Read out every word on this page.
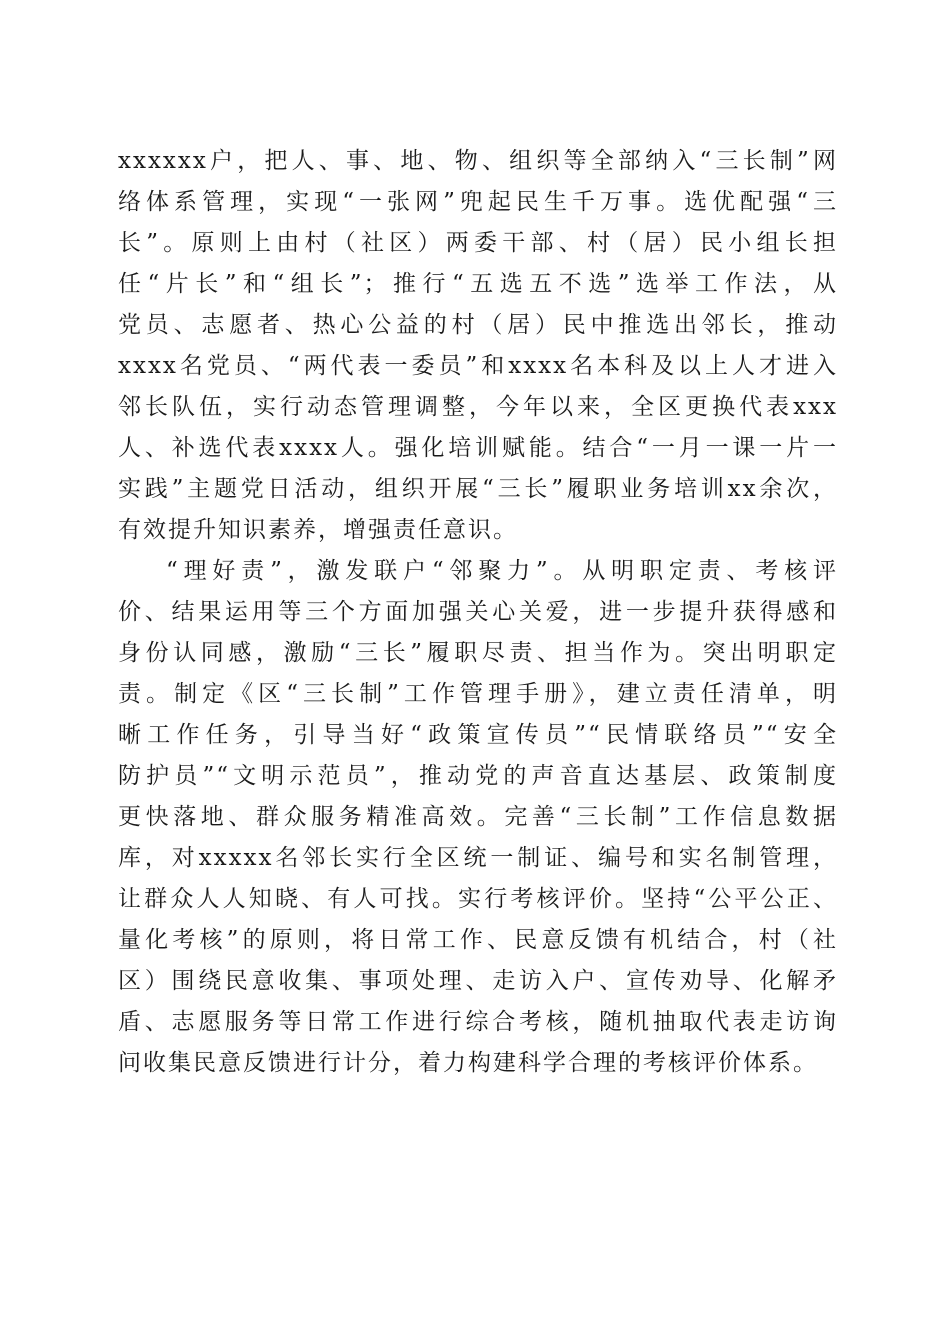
xxxxxx户，把人、事、地、物、组织等全部纳入“三长制”网
络体系管理，实现“一张网”兜起民生千万事。选优配强“三
长”。原则上由村（社区）两委干部、村（居）民小组长担
任“片长”和“组长”；推行“五选五不选”选举工作法，从
党员、志愿者、热心公益的村（居）民中推选出邻长，推动
xxxx名党员、“两代表一委员”和xxxx名本科及以上人才进入
邻长队伍，实行动态管理调整，今年以来，全区更换代表xxx
人、补选代表xxxx人。强化培训赋能。结合“一月一课一片一
实践”主题党日活动，组织开展“三长”履职业务培训xx余次，
有效提升知识素养，增强责任意识。
“理好责”，激发联户“邻聚力”。从明职定责、考核评
价、结果运用等三个方面加强关心关爱，进一步提升获得感和
身份认同感，激励“三长”履职尽责、担当作为。突出明职定
责。制定《区“三长制”工作管理手册》，建立责任清单，明
晰工作任务，引导当好“政策宣传员”“民情联络员”“安全
防护员”“文明示范员”，推动党的声音直达基层、政策制度
更快落地、群众服务精准高效。完善“三长制”工作信息数据
库，对xxxxx名邻长实行全区统一制证、编号和实名制管理，
让群众人人知晓、有人可找。实行考核评价。坚持“公平公正、
量化考核”的原则，将日常工作、民意反馈有机结合，村（社
区）围绕民意收集、事项处理、走访入户、宣传劝导、化解矛
盾、志愿服务等日常工作进行综合考核，随机抽取代表走访询
问收集民意反馈进行计分，着力构建科学合理的考核评价体系。
